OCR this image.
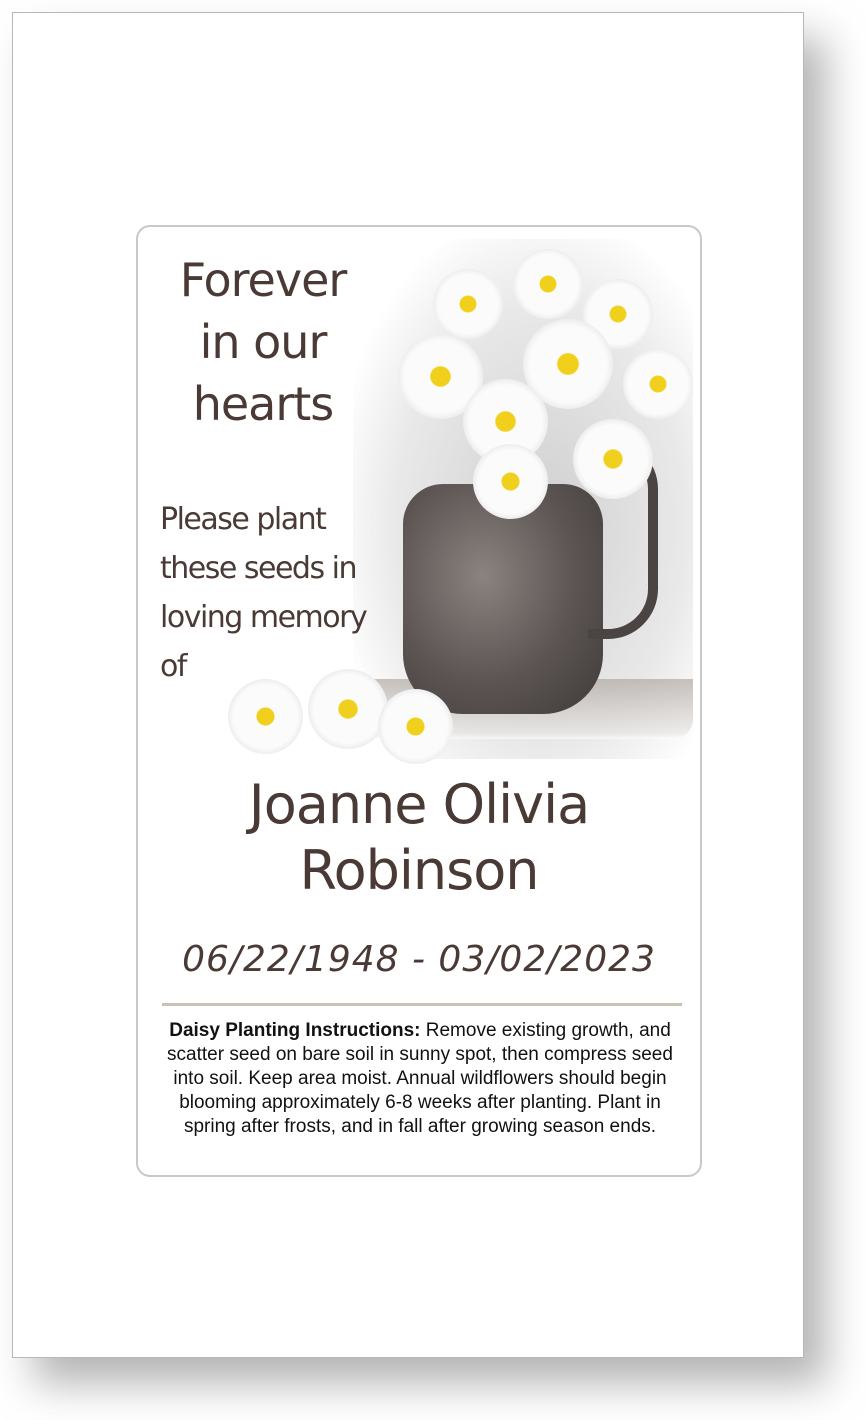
Forever
in our
hearts
Please plant
these seeds in
loving memory
of
Joanne Olivia
Robinson
06/22/1948 - 03/02/2023
Daisy Planting Instructions: Remove existing growth, and scatter seed on bare soil in sunny spot, then compress seed into soil. Keep area moist. Annual wildflowers should begin blooming approximately 6-8 weeks after planting. Plant in spring after frosts, and in fall after growing season ends.
